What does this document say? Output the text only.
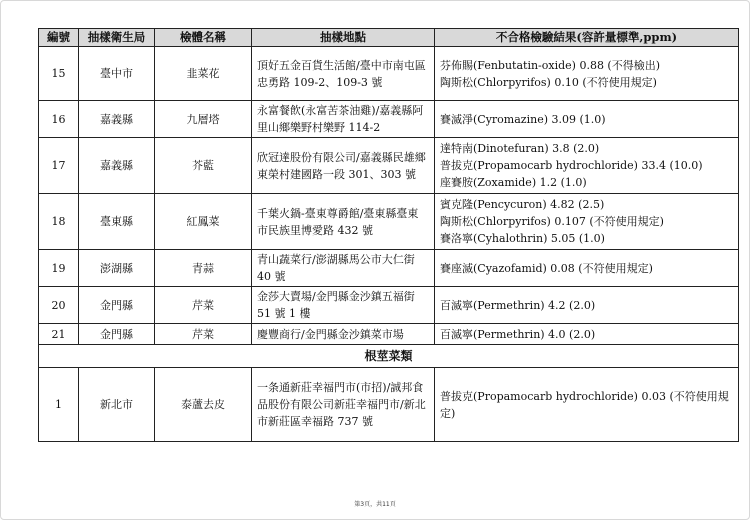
編號	抽樣衛生局	檢體名稱	抽樣地點	不合格檢驗結果(容許量標準,ppm)
15	臺中市	韭菜花	頂好五金百貨生活館/臺中市南屯區忠勇路 109-2、109-3 號	芬佈賜(Fenbutatin-oxide) 0.88 (不得檢出)
陶斯松(Chlorpyrifos) 0.10 (不符使用規定)

16	嘉義縣	九層塔	永富餐飲(永富苦茶油雞)/嘉義縣阿里山鄉樂野村樂野 114-2	賽滅淨(Cyromazine) 3.09 (1.0)

17	嘉義縣	芥藍	欣冠達股份有限公司/嘉義縣民雄鄉東榮村建國路一段 301、303 號	達特南(Dinotefuran) 3.8 (2.0)
普拔克(Propamocarb hydrochloride) 33.4 (10.0)
座賽胺(Zoxamide) 1.2 (1.0)

18	臺東縣	紅鳳菜	千葉火鍋-臺東尊爵館/臺東縣臺東市民族里博愛路 432 號	賓克隆(Pencycuron) 4.82 (2.5)
陶斯松(Chlorpyrifos) 0.107 (不符使用規定)
賽洛寧(Cyhalothrin) 5.05 (1.0)

19	澎湖縣	青蒜	青山蔬菜行/澎湖縣馬公市大仁街 40 號	賽座滅(Cyazofamid) 0.08 (不符使用規定)

20	金門縣	芹菜	金莎大賣場/金門縣金沙鎮五福街 51 號 1 樓	百滅寧(Permethrin) 4.2 (2.0)

21	金門縣	芹菜	慶豐商行/金門縣金沙鎮菜市場	百滅寧(Permethrin) 4.0 (2.0)

根莖菜類				
1	新北市	泰蘆去皮	一条通新莊幸福門市(市招)/誠邦食品股份有限公司新莊幸福門市/新北市新莊區幸福路 737 號	普拔克(Propamocarb hydrochloride) 0.03 (不符使用規定)
第3頁，共11頁
